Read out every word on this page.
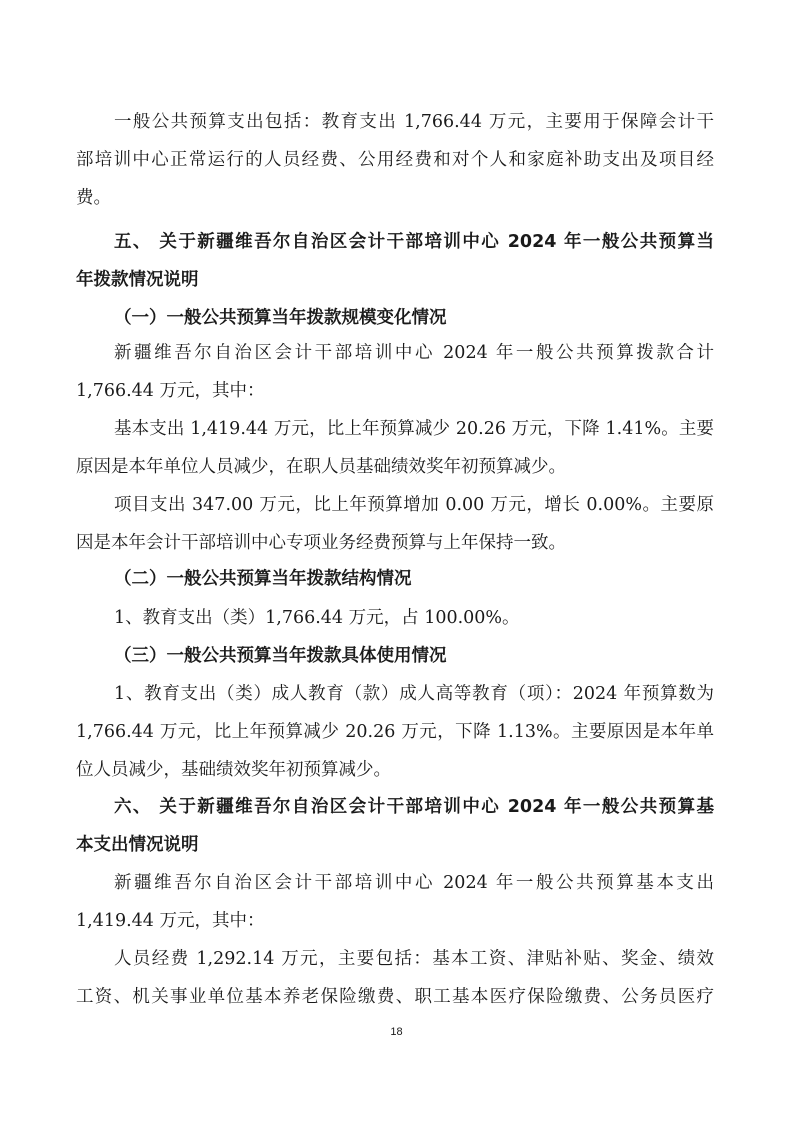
一般公共预算支出包括：教育支出 1,766.44 万元，主要用于保障会计干

部培训中心正常运行的人员经费、公用经费和对个人和家庭补助支出及项目经

费。

五、 关于新疆维吾尔自治区会计干部培训中心 2024 年一般公共预算当

年拨款情况说明

（一）一般公共预算当年拨款规模变化情况

新疆维吾尔自治区会计干部培训中心 2024 年一般公共预算拨款合计

1,766.44 万元，其中：

基本支出 1,419.44 万元，比上年预算减少 20.26 万元，下降 1.41%。主要

原因是本年单位人员减少，在职人员基础绩效奖年初预算减少。

项目支出 347.00 万元，比上年预算增加 0.00 万元，增长 0.00%。主要原

因是本年会计干部培训中心专项业务经费预算与上年保持一致。

（二）一般公共预算当年拨款结构情况

1、教育支出（类）1,766.44 万元，占 100.00%。

（三）一般公共预算当年拨款具体使用情况

1、教育支出（类）成人教育（款）成人高等教育（项）：2024 年预算数为

1,766.44 万元，比上年预算减少 20.26 万元，下降 1.13%。主要原因是本年单

位人员减少，基础绩效奖年初预算减少。

六、 关于新疆维吾尔自治区会计干部培训中心 2024 年一般公共预算基

本支出情况说明

新疆维吾尔自治区会计干部培训中心 2024 年一般公共预算基本支出

1,419.44 万元，其中：

人员经费 1,292.14 万元，主要包括：基本工资、津贴补贴、奖金、绩效

工资、机关事业单位基本养老保险缴费、职工基本医疗保险缴费、公务员医疗

18
